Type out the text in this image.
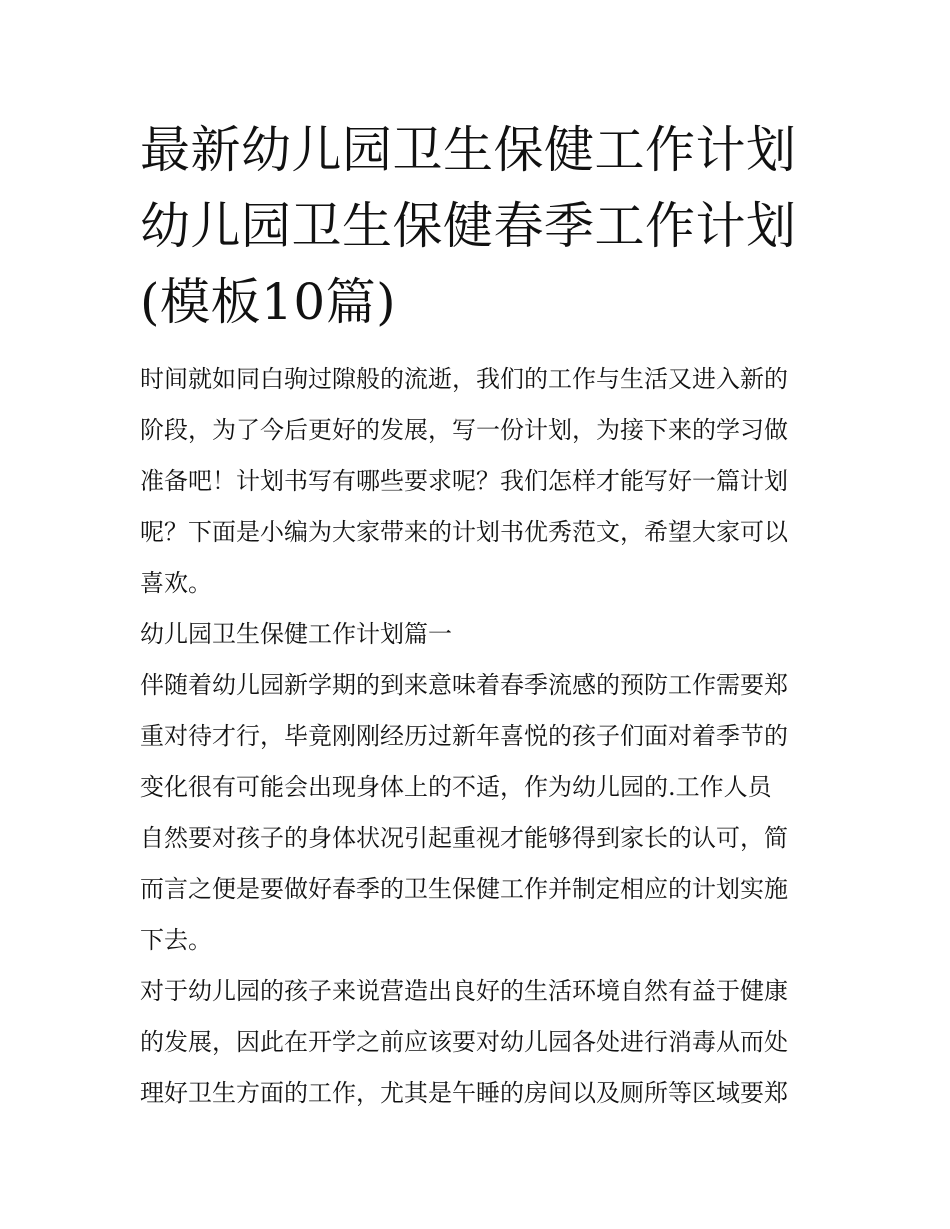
最新幼儿园卫生保健工作计划
幼儿园卫生保健春季工作计划
(模板10篇)
时间就如同白驹过隙般的流逝，我们的工作与生活又进入新的
阶段，为了今后更好的发展，写一份计划，为接下来的学习做
准备吧！计划书写有哪些要求呢？我们怎样才能写好一篇计划
呢？下面是小编为大家带来的计划书优秀范文，希望大家可以
喜欢。
幼儿园卫生保健工作计划篇一
伴随着幼儿园新学期的到来意味着春季流感的预防工作需要郑
重对待才行，毕竟刚刚经历过新年喜悦的孩子们面对着季节的
变化很有可能会出现身体上的不适，作为幼儿园的.工作人员
自然要对孩子的身体状况引起重视才能够得到家长的认可，简
而言之便是要做好春季的卫生保健工作并制定相应的计划实施
下去。
对于幼儿园的孩子来说营造出良好的生活环境自然有益于健康
的发展，因此在开学之前应该要对幼儿园各处进行消毒从而处
理好卫生方面的工作，尤其是午睡的房间以及厕所等区域要郑
